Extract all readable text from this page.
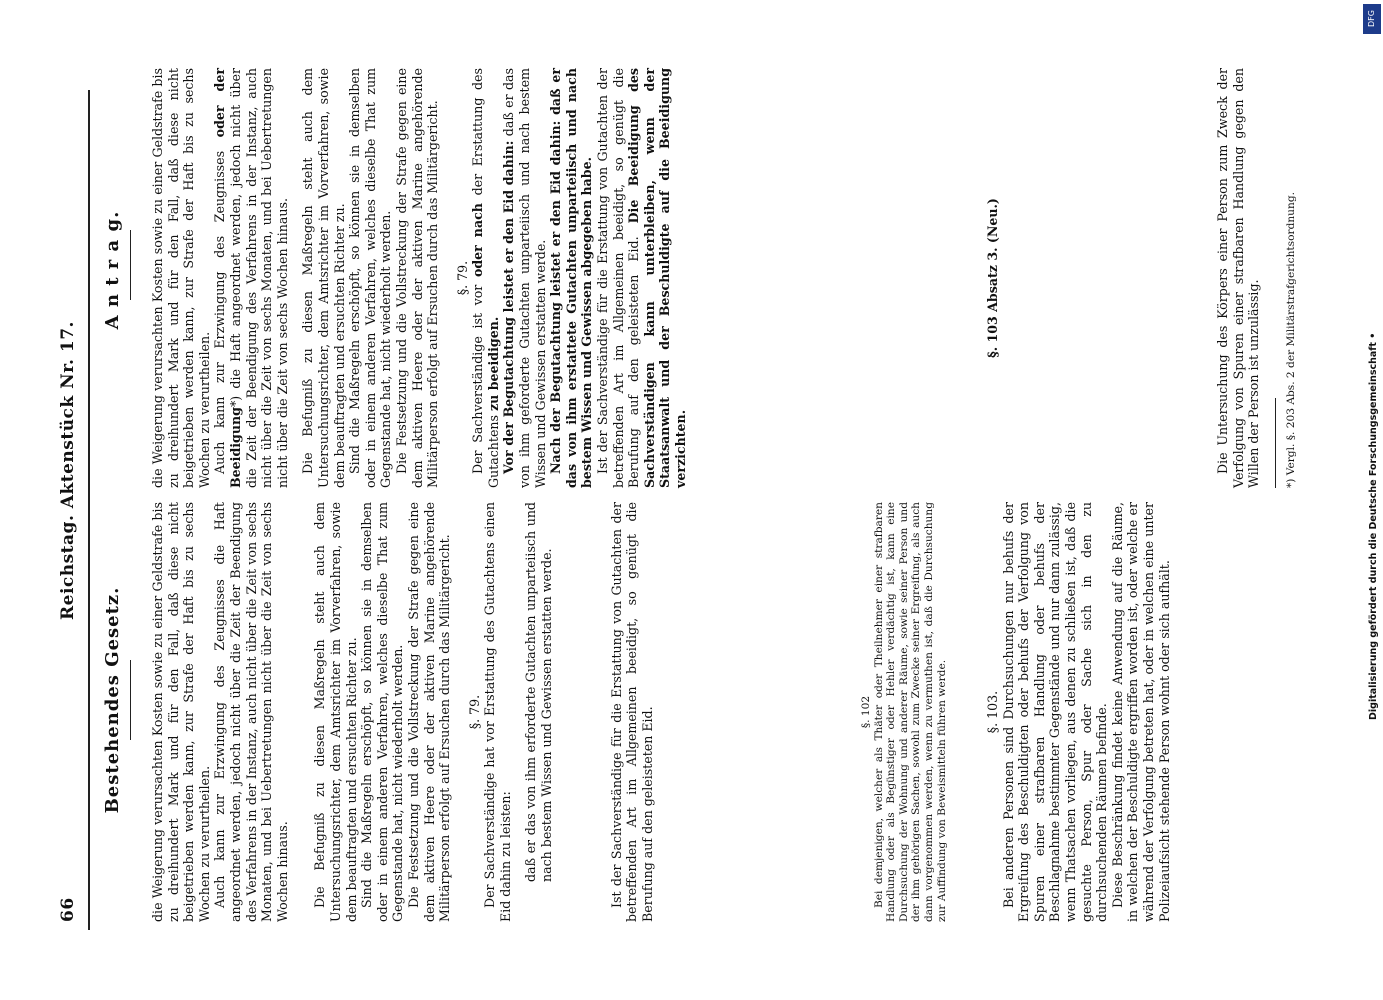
66
Reichstag. Aktenstück Nr. 17.
Bestehendes Gesetz. die Weigerung verursachten Kosten sowie zu einer Geldstrafe bis zu dreihundert Mark und für den Fall, daß diese nicht beigetrieben werden kann, zur Strafe der Haft bis zu sechs Wochen zu verurtheilen. Auch kann zur Erzwingung des Zeugnisses die Haft angeordnet werden, jedoch nicht über die Zeit der Beendigung des Verfahrens in der Instanz, auch nicht über die Zeit von sechs Monaten, und bei Uebertretungen nicht über die Zeit von sechs Wochen hinaus. Die Befugniß zu diesen Maßregeln steht auch dem Untersuchungsrichter, dem Amtsrichter im Vorverfahren, sowie dem beauftragten und ersuchten Richter zu. Sind die Maßregeln erschöpft, so können sie in demselben oder in einem anderen Verfahren, welches dieselbe That zum Gegenstande hat, nicht wiederholt werden. Die Festsetzung und die Vollstreckung der Strafe gegen eine dem aktiven Heere oder der aktiven Marine angehörende Militärperson erfolgt auf Ersuchen durch das Militärgericht. §. 79. Der Sachverständige hat vor Erstattung des Gutachtens einen Eid dahin zu leisten: daß er das von ihm erforderte Gutachten unparteiisch und nach bestem Wissen und Gewissen erstatten werde.	Ist der Sachverständige für die Erstattung von Gutachten der betreffenden Art im Allgemeinen beeidigt, so genügt die Berufung auf den geleisteten Eid.	§. 102 Bei demjenigen, welcher als Thäter oder Theilnehmer einer strafbaren Handlung oder als Begünstiger oder Hehler verdächtig ist, kann eine Durchsuchung der Wohnung und anderer Räume, sowie seiner Person und der ihm gehörigen Sachen, sowohl zum Zwecke seiner Ergreifung, als auch dann vorgenommen werden, wenn zu vermuthen ist, daß die Durchsuchung zur Auffindung von Beweismitteln führen werde.	§. 103. Bei anderen Personen sind Durchsuchungen nur behufs der Ergreifung des Beschuldigten oder behufs der Verfolgung von Spuren einer strafbaren Handlung oder behufs der Beschlagnahme bestimmter Gegenstände und nur dann zulässig, wenn Thatsachen vorliegen, aus denen zu schließen ist, daß die gesuchte Person, Spur oder Sache sich in den zu durchsuchenden Räumen befinde. Diese Beschränkung findet keine Anwendung auf die Räume, in welchen der Beschuldigte ergriffen worden ist, oder welche er während der Verfolgung betreten hat, oder in welchen eine unter Polizeiaufsicht stehende Person wohnt oder sich aufhält.

A n t r a g. die Weigerung verursachten Kosten sowie zu einer Geldstrafe bis zu dreihundert Mark und für den Fall, daß diese nicht beigetrieben werden kann, zur Strafe der Haft bis zu sechs Wochen zu verurtheilen. Auch kann zur Erzwingung des Zeugnisses oder der Beeidigung*) die Haft angeordnet werden, jedoch nicht über die Zeit der Beendigung des Verfahrens in der Instanz, auch nicht über die Zeit von sechs Monaten, und bei Uebertretungen nicht über die Zeit von sechs Wochen hinaus. Die Befugniß zu diesen Maßregeln steht auch dem Untersuchungsrichter, dem Amtsrichter im Vorverfahren, sowie dem beauftragten und ersuchten Richter zu. Sind die Maßregeln erschöpft, so können sie in demselben oder in einem anderen Verfahren, welches dieselbe That zum Gegenstande hat, nicht wiederholt werden. Die Festsetzung und die Vollstreckung der Strafe gegen eine dem aktiven Heere oder der aktiven Marine angehörende Militärperson erfolgt auf Ersuchen durch das Militärgericht. §. 79. Der Sachverständige ist vor oder nach der Erstattung des Gutachtens zu beeidigen. Vor der Begutachtung leistet er den Eid dahin: daß er das von ihm geforderte Gutachten unparteiisch und nach bestem Wissen und Gewissen erstatten werde. Nach der Begutachtung leistet er den Eid dahin: daß er das von ihm erstattete Gutachten unparteiisch und nach bestem Wissen und Gewissen abgegeben habe. Ist der Sachverständige für die Erstattung von Gutachten der betreffenden Art im Allgemeinen beeidigt, so genügt die Berufung auf den geleisteten Eid. Die Beeidigung des Sachverständigen kann unterbleiben, wenn der Staatsanwalt und der Beschuldigte auf die Beeidigung verzichten.

§. 103 Absatz 3. (Neu.)	Die Untersuchung des Körpers einer Person zum Zweck der Verfolgung von Spuren einer strafbaren Handlung gegen den Willen der Person ist unzulässig. *) Vergl. §. 203 Abs. 2 der Militärstrafgerichtsordnung.
DFG
Digitalisierung gefördert durch die Deutsche Forschungsgemeinschaft •
